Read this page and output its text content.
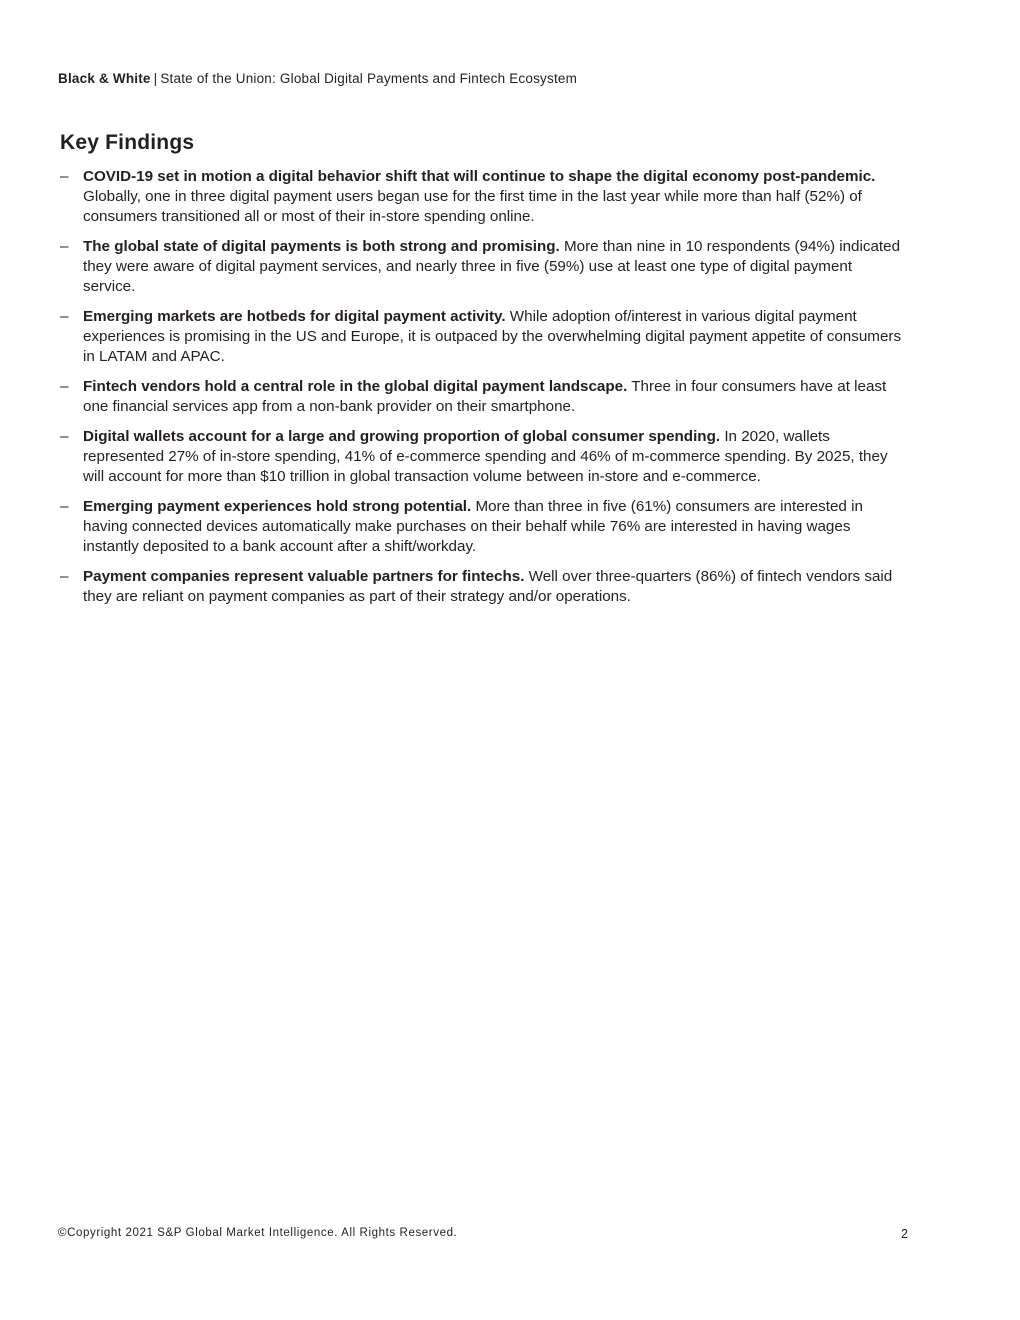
Black & White | State of the Union: Global Digital Payments and Fintech Ecosystem
Key Findings
– COVID-19 set in motion a digital behavior shift that will continue to shape the digital economy post-pandemic. Globally, one in three digital payment users began use for the first time in the last year while more than half (52%) of consumers transitioned all or most of their in-store spending online.
– The global state of digital payments is both strong and promising. More than nine in 10 respondents (94%) indicated they were aware of digital payment services, and nearly three in five (59%) use at least one type of digital payment service.
– Emerging markets are hotbeds for digital payment activity. While adoption of/interest in various digital payment experiences is promising in the US and Europe, it is outpaced by the overwhelming digital payment appetite of consumers in LATAM and APAC.
– Fintech vendors hold a central role in the global digital payment landscape. Three in four consumers have at least one financial services app from a non-bank provider on their smartphone.
– Digital wallets account for a large and growing proportion of global consumer spending. In 2020, wallets represented 27% of in-store spending, 41% of e-commerce spending and 46% of m-commerce spending. By 2025, they will account for more than $10 trillion in global transaction volume between in-store and e-commerce.
– Emerging payment experiences hold strong potential. More than three in five (61%) consumers are interested in having connected devices automatically make purchases on their behalf while 76% are interested in having wages instantly deposited to a bank account after a shift/workday.
– Payment companies represent valuable partners for fintechs. Well over three-quarters (86%) of fintech vendors said they are reliant on payment companies as part of their strategy and/or operations.
©Copyright 2021 S&P Global Market Intelligence. All Rights Reserved.	2
